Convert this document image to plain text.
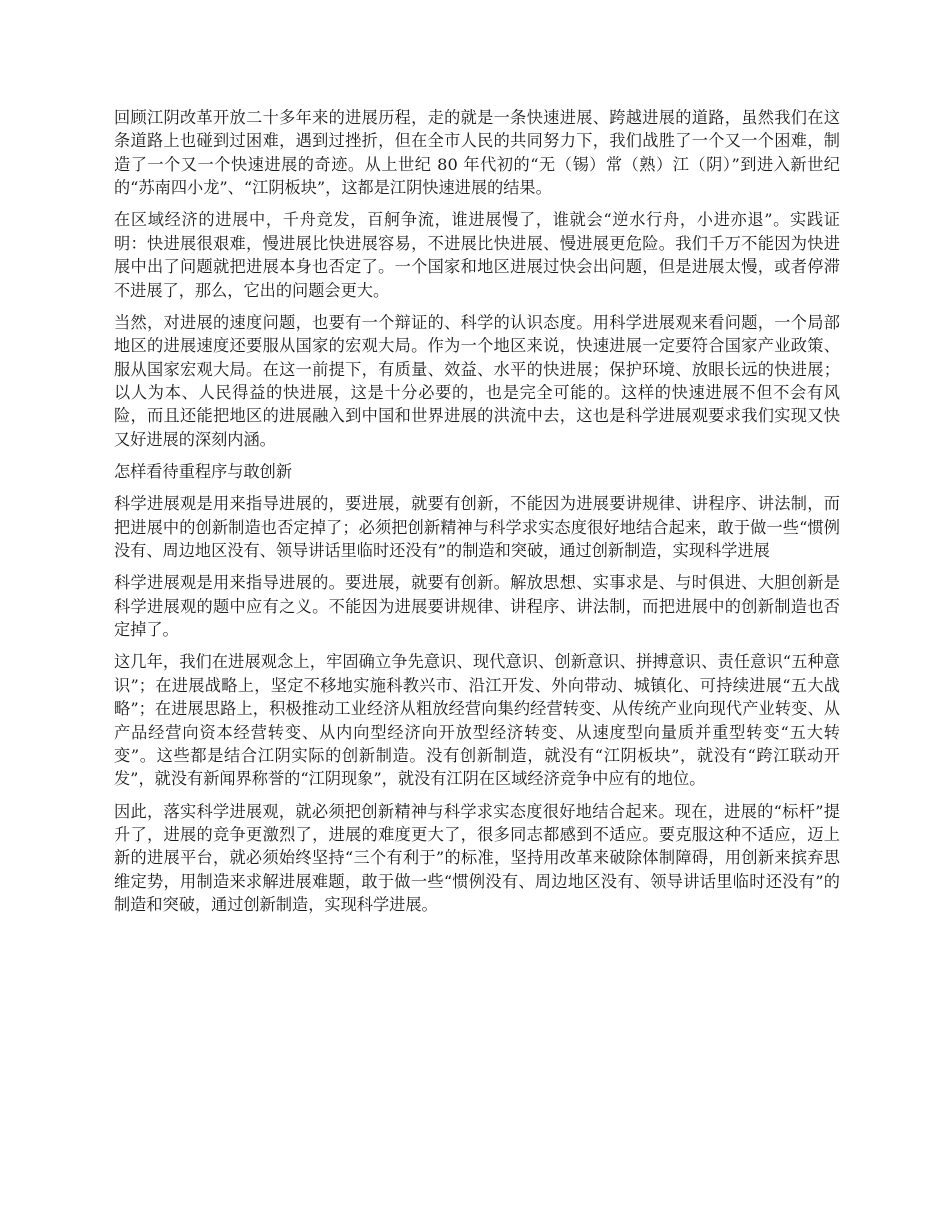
回顾江阴改革开放二十多年来的进展历程，走的就是一条快速进展、跨越进展的道路，虽然我们在这条道路上也碰到过困难，遇到过挫折，但在全市人民的共同努力下，我们战胜了一个又一个困难，制造了一个又一个快速进展的奇迹。从上世纪 80 年代初的“无（锡）常（熟）江（阴）”到进入新世纪的“苏南四小龙”、“江阴板块”，这都是江阴快速进展的结果。

在区域经济的进展中，千舟竞发，百舸争流，谁进展慢了，谁就会“逆水行舟，小进亦退”。实践证明：快进展很艰难，慢进展比快进展容易，不进展比快进展、慢进展更危险。我们千万不能因为快进展中出了问题就把进展本身也否定了。一个国家和地区进展过快会出问题，但是进展太慢，或者停滞不进展了，那么，它出的问题会更大。

当然，对进展的速度问题，也要有一个辩证的、科学的认识态度。用科学进展观来看问题，一个局部地区的进展速度还要服从国家的宏观大局。作为一个地区来说，快速进展一定要符合国家产业政策、服从国家宏观大局。在这一前提下，有质量、效益、水平的快进展；保护环境、放眼长远的快进展；以人为本、人民得益的快进展，这是十分必要的，也是完全可能的。这样的快速进展不但不会有风险，而且还能把地区的进展融入到中国和世界进展的洪流中去，这也是科学进展观要求我们实现又快又好进展的深刻内涵。

怎样看待重程序与敢创新

科学进展观是用来指导进展的，要进展，就要有创新，不能因为进展要讲规律、讲程序、讲法制，而把进展中的创新制造也否定掉了；必须把创新精神与科学求实态度很好地结合起来，敢于做一些“惯例没有、周边地区没有、领导讲话里临时还没有”的制造和突破，通过创新制造，实现科学进展

科学进展观是用来指导进展的。要进展，就要有创新。解放思想、实事求是、与时俱进、大胆创新是科学进展观的题中应有之义。不能因为进展要讲规律、讲程序、讲法制，而把进展中的创新制造也否定掉了。

这几年，我们在进展观念上，牢固确立争先意识、现代意识、创新意识、拼搏意识、责任意识“五种意识”；在进展战略上，坚定不移地实施科教兴市、沿江开发、外向带动、城镇化、可持续进展“五大战略”；在进展思路上，积极推动工业经济从粗放经营向集约经营转变、从传统产业向现代产业转变、从产品经营向资本经营转变、从内向型经济向开放型经济转变、从速度型向量质并重型转变“五大转变”。这些都是结合江阴实际的创新制造。没有创新制造，就没有“江阴板块”，就没有“跨江联动开发”，就没有新闻界称誉的“江阴现象”，就没有江阴在区域经济竞争中应有的地位。

因此，落实科学进展观，就必须把创新精神与科学求实态度很好地结合起来。现在，进展的“标杆”提升了，进展的竞争更激烈了，进展的难度更大了，很多同志都感到不适应。要克服这种不适应，迈上新的进展平台，就必须始终坚持“三个有利于”的标准，坚持用改革来破除体制障碍，用创新来摈弃思维定势，用制造来求解进展难题，敢于做一些“惯例没有、周边地区没有、领导讲话里临时还没有”的制造和突破，通过创新制造，实现科学进展。
